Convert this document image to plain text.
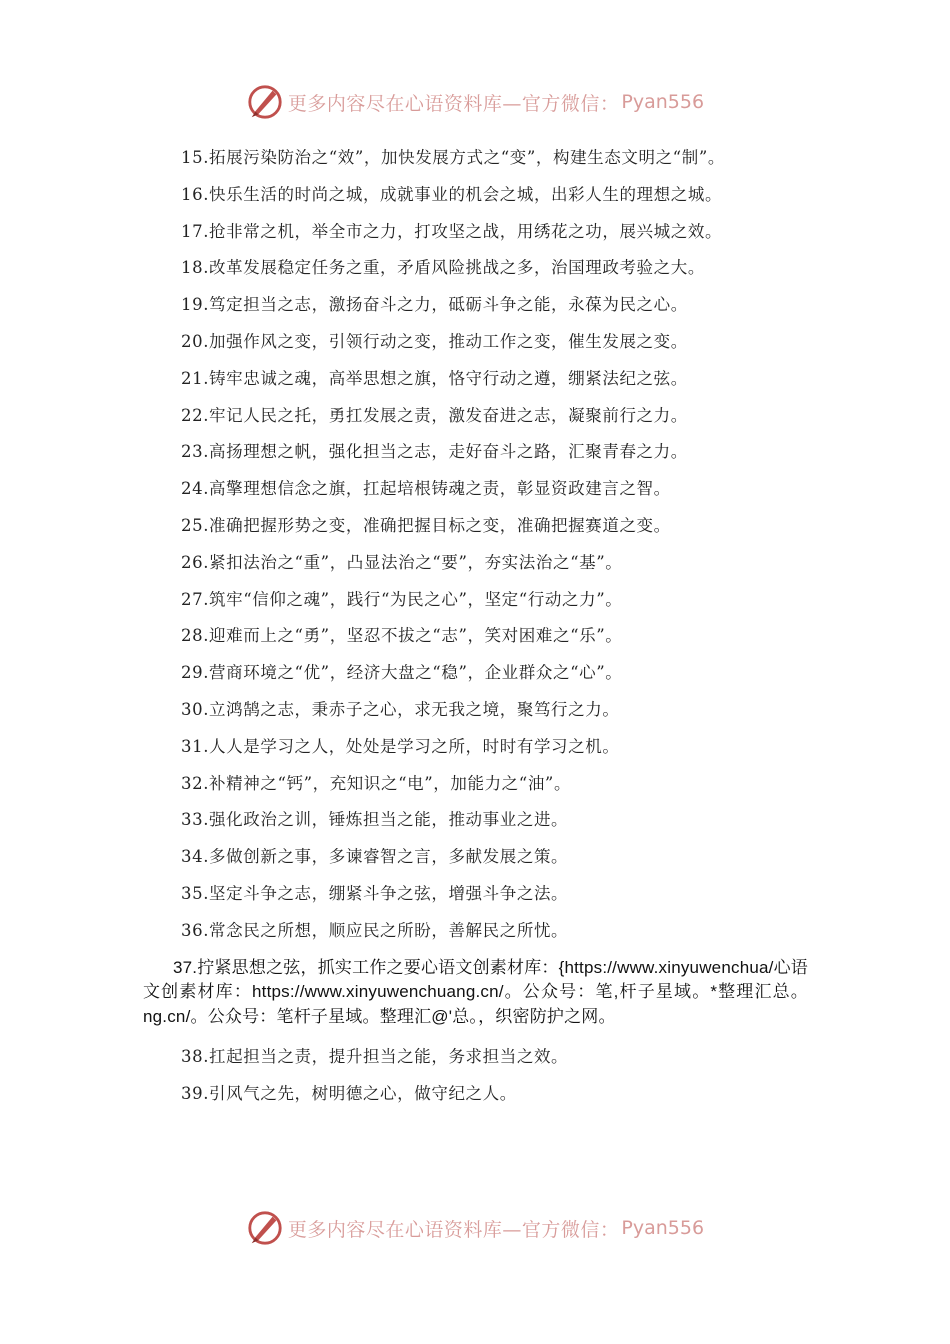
更多内容尽在心语资料库—官方微信： Pyan556

15.拓展污染防治之“效”，加快发展方式之“变”，构建生态文明之“制”。

16.快乐生活的时尚之城，成就事业的机会之城，出彩人生的理想之城。

17.抢非常之机，举全市之力，打攻坚之战，用绣花之功，展兴城之效。

18.改革发展稳定任务之重，矛盾风险挑战之多，治国理政考验之大。

19.笃定担当之志，激扬奋斗之力，砥砺斗争之能，永葆为民之心。

20.加强作风之变，引领行动之变，推动工作之变，催生发展之变。

21.铸牢忠诚之魂，高举思想之旗，恪守行动之遵，绷紧法纪之弦。

22.牢记人民之托，勇扛发展之责，激发奋进之志，凝聚前行之力。

23.高扬理想之帆，强化担当之志，走好奋斗之路，汇聚青春之力。

24.高擎理想信念之旗，扛起培根铸魂之责，彰显资政建言之智。

25.准确把握形势之变，准确把握目标之变，准确把握赛道之变。

26.紧扣法治之“重”，凸显法治之“要”，夯实法治之“基”。

27.筑牢“信仰之魂”，践行“为民之心”，坚定“行动之力”。

28.迎难而上之“勇”，坚忍不拔之“志”，笑对困难之“乐”。

29.营商环境之“优”，经济大盘之“稳”，企业群众之“心”。

30.立鸿鹄之志，秉赤子之心，求无我之境，聚笃行之力。

31.人人是学习之人，处处是学习之所，时时有学习之机。

32.补精神之“钙”，充知识之“电”，加能力之“油”。

33.强化政治之训，锤炼担当之能，推动事业之进。

34.多做创新之事，多谏睿智之言，多献发展之策。

35.坚定斗争之志，绷紧斗争之弦，增强斗争之法。

36.常念民之所想，顺应民之所盼，善解民之所忧。

37.拧紧思想之弦，抓实工作之要心语文创素材库：{https://www.xinyuwenchua/心语文创素材库：https://www.xinyuwenchuang.cn/。公众号：笔,杆子星域。*整理汇总。ng.cn/。公众号：笔杆子星域。整理汇@'总。，织密防护之网。

38.扛起担当之责，提升担当之能，务求担当之效。

39.引风气之先，树明德之心，做守纪之人。

更多内容尽在心语资料库—官方微信： Pyan556
